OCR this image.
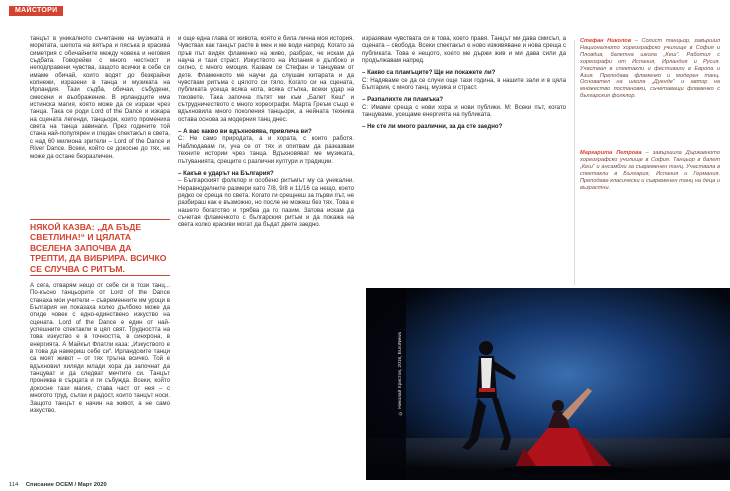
МАЙСТОРИ

танцът в уникалното съчетание на музиката и моретата, шепота на вятъра и пясъка в красива симетрия с обичайните между човека и неговия съдбата. Говорейки с много честност и неподправени чувства, защото всички в себе си имаме обичай, които водят до безкрайни копнежи, изразени в танца и музиката на Ирландия. Тази съдба, обичаи, събудени, смесени и въображение. В ирландците има истинска магия, която може да се изрази чрез танца. Така се роди Lord of the Dance и изкара на сцената легенди, танцьори, които промениха света на танца завинаги. През годините той стана най-популярен и гледан спектакъл в света, с над 60 милиона зрители – Lord of the Dance и River Dance. Всеки, който се докосне до тях, не може да остане безразличен.

НЯКОЙ КАЗВА: „ДА БЪДЕ СВЕТЛИНА!“ И ЦЯЛАТА ВСЕЛЕНА ЗАПОЧВА ДА ТРЕПТИ, ДА ВИБРИРА. ВСИЧКО СЕ СЛУЧВА С РИТЪМ.

А сега, отварям нещо от себе си в този танц... По-късно танцьорите от Lord of the Dance станаха мои учители – съвременните им уроци в България ни показаха колко дълбоко може да отиде човек с едно-единствено изкуство на сцената. Lord of the Dance е един от най-успешните спектакли в цял свят. Трудността на това изкуство е в точността, в синхрона, в енергията. А Майкъл Флатли каза: „Изкуството е в това да намериш себе си“. Ирландските танци са моят живот – от тях тръгна всичко. Той е вдъхновил хиляди млади хора да започнат да танцуват и да следват мечтите си. Танцът прониква в сърцата и ги събужда. Всеки, който докосне тази магия, става част от нея – с многото труд, сълзи и радост, които танцът носи. Защото танцът е начин на живот, а не само изкуство.

и още една глава от живота, която е била лична моя история. Чувствах как танцът расте в мен и ме води напред. Когато за пръв път видях фламенко на живо, разбрах, че искам да науча и тази страст. Изкуството на Испания е дълбоко и силно, с много емоция. Казвам се Стефан и танцувам от дете. Фламенкото ме научи да слушам китарата и да чувствам ритъма с цялото си тяло. Когато си на сцената, публиката усеща всяка нота, всяка стъпка, всеки удар на токовете. Така започна пътят ми към „Балет Кеш“ и сътрудничеството с много хореографи. Марта Греъм също е вдъхновила много поколения танцьори, а нейната техника остава основа за модерния танц днес.

– А вас какво ви вдъхновява, привлича ви?

С: Не само природата, а и хората, с които работя. Наблюдавам ги, уча се от тях и опитвам да разказвам техните истории чрез танца. Вдъхновяват ме музиката, пътуванията, срещите с различни култури и традиции.

– Какъв е ударът на България?

– Българският фолклор и особено ритъмът му са уникални. Неравноделните размери като 7/8, 9/8 и 11/16 са нещо, което рядко се среща по света. Когато ги срещнеш за първи път, не разбираш как е възможно, но после не можеш без тях. Това е нашето богатство и трябва да го пазим. Затова искам да съчетая фламенкото с българския ритъм и да покажа на света колко красиви могат да бъдат двете заедно.

изразявам чувствата си в това, което правя. Танцът ми дава смисъл, а сцената – свобода. Всеки спектакъл е ново изживяване и нова среща с публиката. Това е нещото, което ме държи жив и ми дава сили да продължавам напред.

– Какво са пламъците? Ще ни покажете ли?

С: Надяваме се да се случи още тази година, в нашите зали и в цяла България, с много танц, музика и страст.

– Разпалихте ли пламъка?

С: Имаме среща с нови хора и нови публики. М: Всеки път, когато танцуваме, усещаме енергията на публиката.

– Не сте ли много различни, за да сте заедно?

Стефан Николов – Солист танцьор, завършил Националното хореографско училище в София и Пловдив, балетна школа „Кеш“. Работил с хореографи от Испания, Ирландия и Русия. Участвал в спектакли и фестивали в Европа и Азия. Преподава фламенко и модерен танц. Основател на школа „Дуенде“ и автор на множество постановки, съчетаващи фламенко с българския фолклор.
Маргарита Петрова – завършила Държавното хореографско училище в София. Танцьор в балет „Кеш“ и ансамбли за съвременен танц. Участвала в спектакли в България, Испания и Германия. Преподава класически и съвременен танц на деца и възрастни.
© Николай Христов, 2016, EuroNews
114 Списание ОСЕМ / Март 2020
